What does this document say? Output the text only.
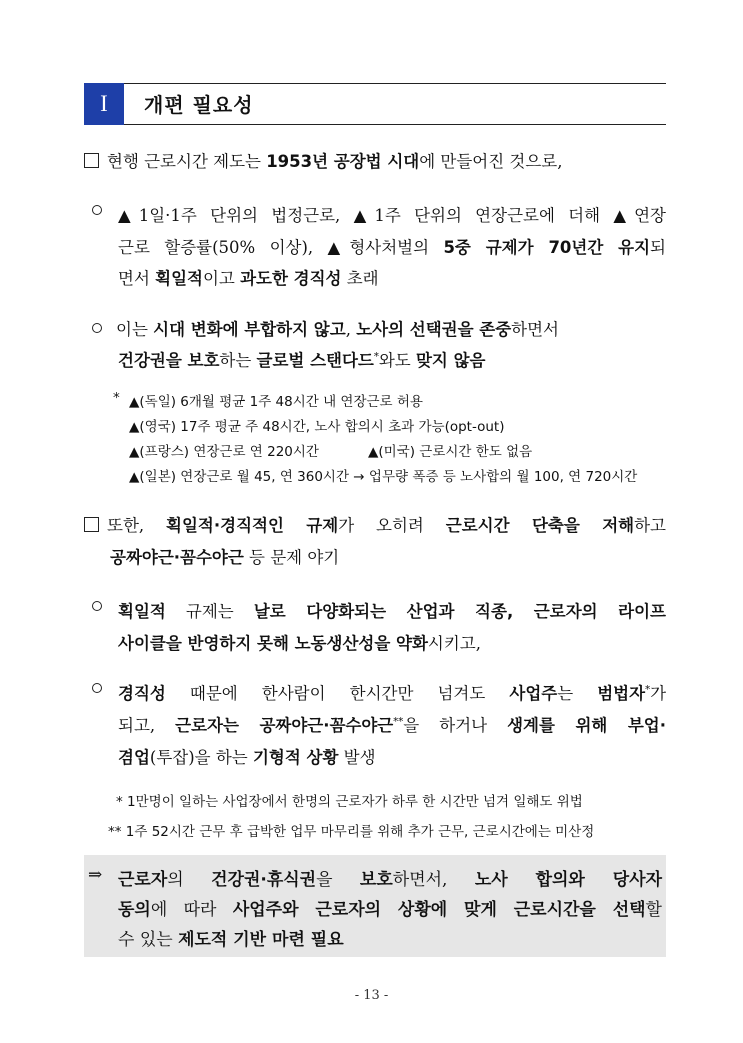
I	개편 필요성
현행 근로시간 제도는 1953년 공장법 시대에 만들어진 것으로,
▲1일·1주 단위의 법정근로, ▲1주 단위의 연장근로에 더해 ▲연장
근로 할증률(50% 이상), ▲형사처벌의 5중 규제가 70년간 유지되
면서 획일적이고 과도한 경직성 초래
이는 시대 변화에 부합하지 않고, 노사의 선택권을 존중하면서
건강권을 보호하는 글로벌 스탠다드*와도 맞지 않음
* ▲(독일) 6개월 평균 1주 48시간 내 연장근로 허용
▲(영국) 17주 평균 주 48시간, 노사 합의시 초과 가능(opt-out)
▲(프랑스) 연장근로 연 220시간	▲(미국) 근로시간 한도 없음
▲(일본) 연장근로 월 45, 연 360시간 → 업무량 폭증 등 노사합의 월 100, 연 720시간
또한, 획일적·경직적인 규제가 오히려 근로시간 단축을 저해하고
공짜야근·꼼수야근 등 문제 야기
획일적 규제는 날로 다양화되는 산업과 직종, 근로자의 라이프
사이클을 반영하지 못해 노동생산성을 약화시키고,
경직성 때문에 한사람이 한시간만 넘겨도 사업주는 범법자*가
되고, 근로자는 공짜야근·꼼수야근**을 하거나 생계를 위해 부업·
겸업(투잡)을 하는 기형적 상황 발생
* 1만명이 일하는 사업장에서 한명의 근로자가 하루 한 시간만 넘겨 일해도 위법
** 1주 52시간 근무 후 급박한 업무 마무리를 위해 추가 근무, 근로시간에는 미산정
⇒ 근로자의 건강권·휴식권을 보호하면서, 노사 합의와 당사자
동의에 따라 사업주와 근로자의 상황에 맞게 근로시간을 선택할
수 있는 제도적 기반 마련 필요
- 13 -
